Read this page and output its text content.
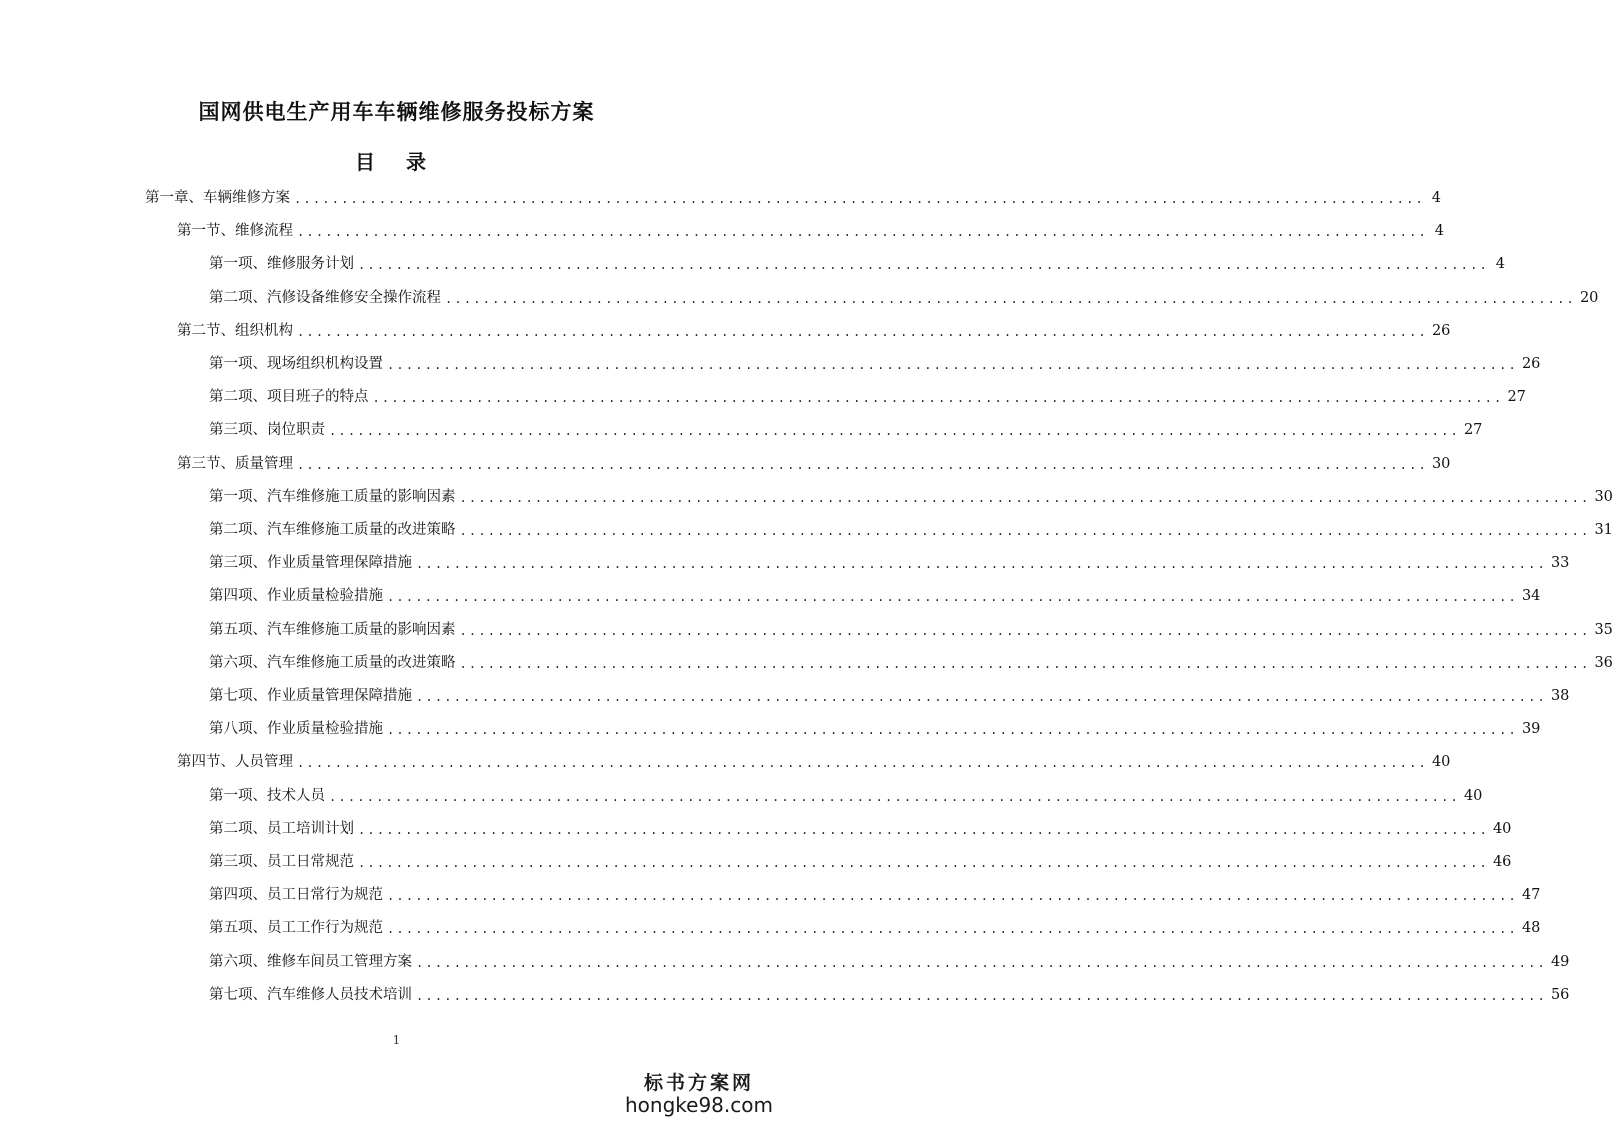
国网供电生产用车车辆维修服务投标方案
目 录
第一章、车辆维修方案 ........................................................................................................................ 4
第一节、维修流程 ........................................................................................................................ 4
第一项、维修服务计划 ........................................................................................................................ 4
第二项、汽修设备维修安全操作流程 ........................................................................................................................ 20
第二节、组织机构 ........................................................................................................................ 26
第一项、现场组织机构设置 ........................................................................................................................ 26
第二项、项目班子的特点 ........................................................................................................................ 27
第三项、岗位职责 ........................................................................................................................ 27
第三节、质量管理 ........................................................................................................................ 30
第一项、汽车维修施工质量的影响因素 ........................................................................................................................ 30
第二项、汽车维修施工质量的改进策略 ........................................................................................................................ 31
第三项、作业质量管理保障措施 ........................................................................................................................ 33
第四项、作业质量检验措施 ........................................................................................................................ 34
第五项、汽车维修施工质量的影响因素 ........................................................................................................................ 35
第六项、汽车维修施工质量的改进策略 ........................................................................................................................ 36
第七项、作业质量管理保障措施 ........................................................................................................................ 38
第八项、作业质量检验措施 ........................................................................................................................ 39
第四节、人员管理 ........................................................................................................................ 40
第一项、技术人员 ........................................................................................................................ 40
第二项、员工培训计划 ........................................................................................................................ 40
第三项、员工日常规范 ........................................................................................................................ 46
第四项、员工日常行为规范 ........................................................................................................................ 47
第五项、员工工作行为规范 ........................................................................................................................ 48
第六项、维修车间员工管理方案 ........................................................................................................................ 49
第七项、汽车维修人员技术培训 ........................................................................................................................ 56
1
标书方案网
hongke98.com
